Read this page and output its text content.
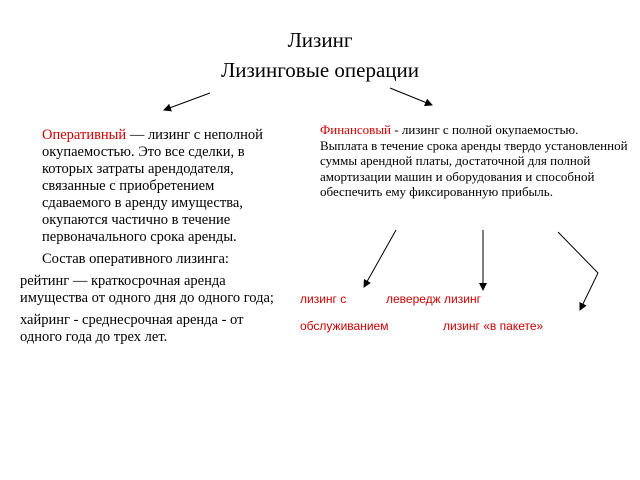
Лизинг
Лизинговые операции

Оперативный — лизинг с неполной окупаемостью. Это все сделки, в которых затраты арендодателя, связанные с приобретением сдаваемого в аренду имущества, окупаются частично в течение первоначального срока аренды.

Состав оперативного лизинга:

рейтинг — краткосрочная аренда имущества от одного дня до одного года;

хайринг - среднесрочная аренда - от одного года до трех лет.

Финансовый - лизинг с полной окупаемостью. Выплата в течение срока аренды твердо установленной суммы арендной платы, достаточной для полной амортизации машин и оборудования и способной обеспечить ему фиксированную прибыль.

лизинг с	левередж лизинг
обслуживанием	лизинг «в пакете»
